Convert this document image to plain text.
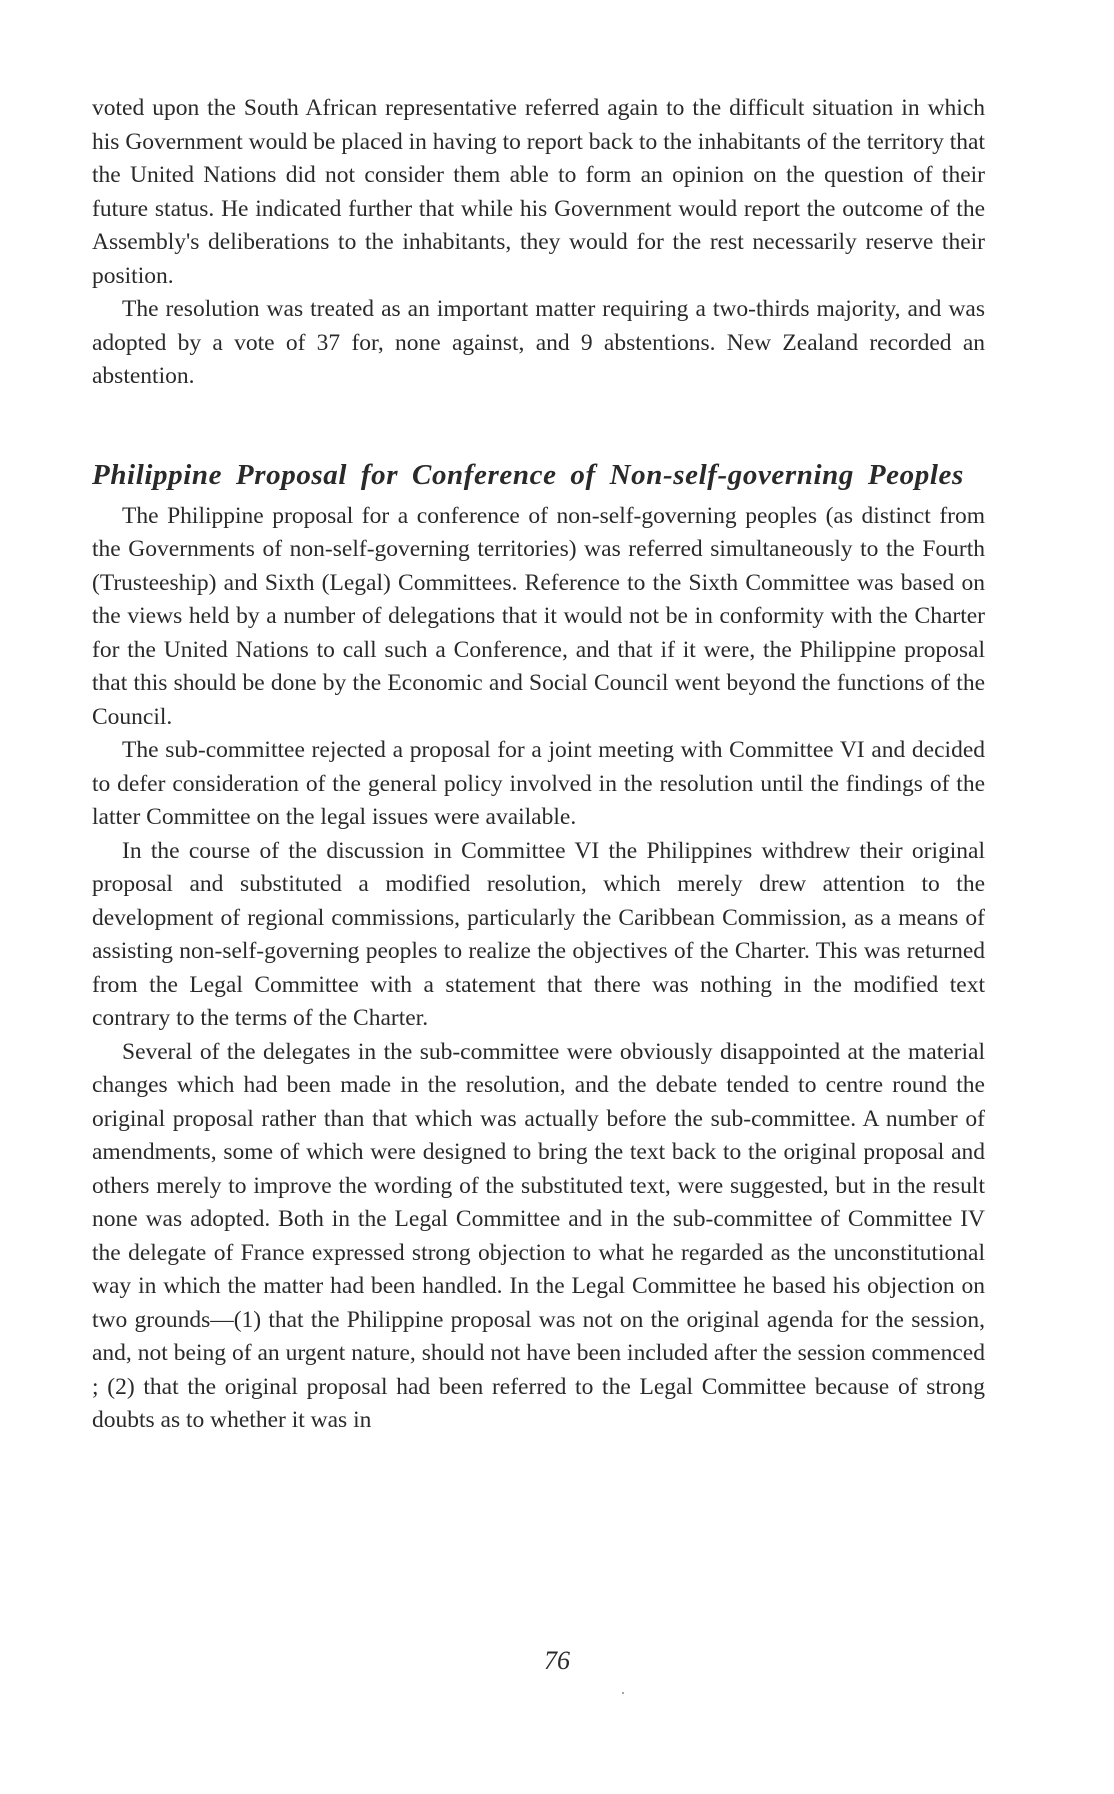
voted upon the South African representative referred again to the difficult situation in which his Government would be placed in having to report back to the inhabitants of the territory that the United Nations did not consider them able to form an opinion on the question of their future status. He indicated further that while his Government would report the outcome of the Assembly's deliberations to the inhabitants, they would for the rest necessarily reserve their position.

The resolution was treated as an important matter requiring a two-thirds majority, and was adopted by a vote of 37 for, none against, and 9 abstentions. New Zealand recorded an abstention.

Philippine Proposal for Conference of Non-self-governing Peoples

The Philippine proposal for a conference of non-self-governing peoples (as distinct from the Governments of non-self-governing territories) was referred simultaneously to the Fourth (Trusteeship) and Sixth (Legal) Committees. Reference to the Sixth Committee was based on the views held by a number of delegations that it would not be in conformity with the Charter for the United Nations to call such a Conference, and that if it were, the Philippine proposal that this should be done by the Economic and Social Council went beyond the functions of the Council.

The sub-committee rejected a proposal for a joint meeting with Committee VI and decided to defer consideration of the general policy involved in the resolution until the findings of the latter Committee on the legal issues were available.

In the course of the discussion in Committee VI the Philippines withdrew their original proposal and substituted a modified resolution, which merely drew attention to the development of regional commissions, particularly the Caribbean Commission, as a means of assisting non-self-governing peoples to realize the objectives of the Charter. This was returned from the Legal Committee with a statement that there was nothing in the modified text contrary to the terms of the Charter.

Several of the delegates in the sub-committee were obviously disappointed at the material changes which had been made in the resolution, and the debate tended to centre round the original proposal rather than that which was actually before the sub-committee. A number of amendments, some of which were designed to bring the text back to the original proposal and others merely to improve the wording of the substituted text, were suggested, but in the result none was adopted. Both in the Legal Committee and in the sub-committee of Committee IV the delegate of France expressed strong objection to what he regarded as the unconstitutional way in which the matter had been handled. In the Legal Committee he based his objection on two grounds—(1) that the Philippine proposal was not on the original agenda for the session, and, not being of an urgent nature, should not have been included after the session commenced ; (2) that the original proposal had been referred to the Legal Committee because of strong doubts as to whether it was in

76
